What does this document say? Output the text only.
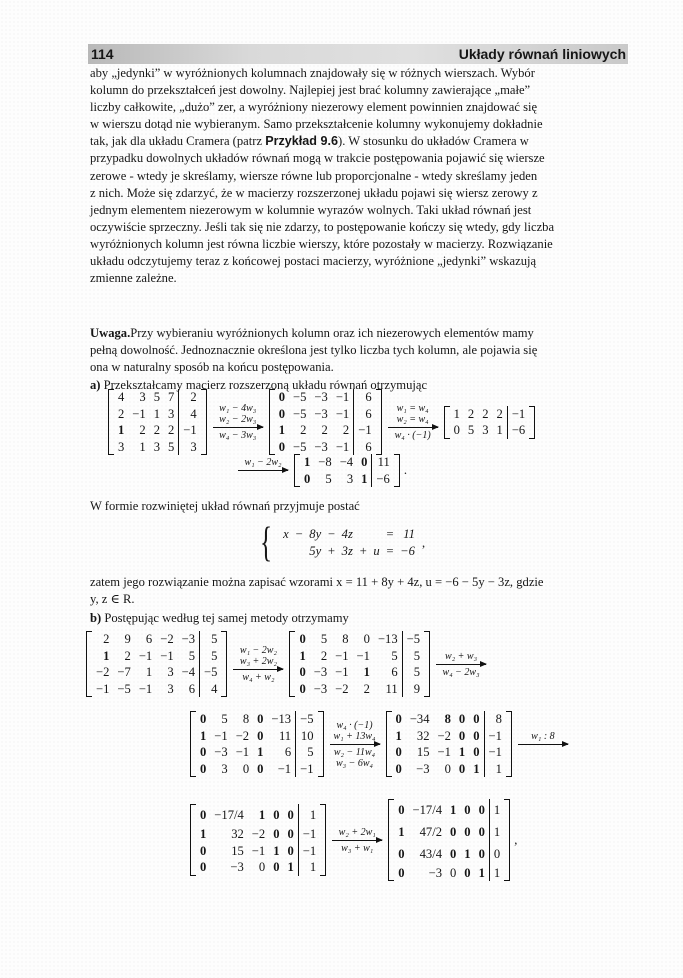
114	Układy równań liniowych
aby „jedynki” w wyróżnionych kolumnach znajdowały się w różnych wierszach. Wybór
kolumn do przekształceń jest dowolny. Najlepiej jest brać kolumny zawierające „małe”
liczby całkowite, „dużo” zer, a wyróżniony niezerowy element powinnien znajdować się
w wierszu dotąd nie wybieranym. Samo przekształcenie kolumny wykonujemy dokładnie
tak, jak dla układu Cramera (patrz Przykład 9.6). W stosunku do układów Cramera w
przypadku dowolnych układów równań mogą w trakcie postępowania pojawić się wiersze
zerowe - wtedy je skreślamy, wiersze równe lub proporcjonalne - wtedy skreślamy jeden
z nich. Może się zdarzyć, że w macierzy rozszerzonej układu pojawi się wiersz zerowy z
jednym elementem niezerowym w kolumnie wyrazów wolnych. Taki układ równań jest
oczywiście sprzeczny. Jeśli tak się nie zdarzy, to postępowanie kończy się wtedy, gdy liczba
wyróżnionych kolumn jest równa liczbie wierszy, które pozostały w macierzy. Rozwiązanie
układu odczytujemy teraz z końcowej postaci macierzy, wyróżnione „jedynki” wskazują
zmienne zależne.
Uwaga. Przy wybieraniu wyróżnionych kolumn oraz ich niezerowych elementów mamy
pełną dowolność. Jednoznacznie określona jest tylko liczba tych kolumn, ale pojawia się
ona w naturalny sposób na końcu postępowania.
a) Przekształcamy macierz rozszerzoną układu równań otrzymując
4	3	5	7	2
2	−1	1	3	4
1	2	2	2	−1
3	1	3	5	3
w₁ − 4w₃
w₂ − 2w₃
w₄ − 3w₃
0	−5	−3	−1	6
0	−5	−3	−1	6
1	2	2	2	−1
0	−5	−3	−1	6
w₁ = w₄
w₂ = w₄
w₄ · (−1)
1	2	2	2	−1
0	5	3	1	−6
w₁ − 2w₂
1	−8	−4	0	11
0	5	3	1	−6
.
W formie rozwiniętej układ równań przyjmuje postać
{ x	−	8y	−	4z			=	11
		5y	+	3z	+	u	=	−6
,
zatem jego rozwiązanie można zapisać wzorami x = 11 + 8y + 4z, u = −6 − 5y − 3z, gdzie
y, z ∈ R.
b) Postępując według tej samej metody otrzymamy
2	9	6	−2	−3	5
1	2	−1	−1	5	5
−2	−7	1	3	−4	−5
−1	−5	−1	3	6	4
w₁ − 2w₂
w₃ + 2w₂
w₄ + w₂
0	5	8	0	−13	−5
1	2	−1	−1	5	5
0	−3	−1	1	6	5
0	−3	−2	2	11	9
w₂ + w₃
w₄ − 2w₃
0	5	8	0	−13	−5
1	−1	−2	0	11	10
0	−3	−1	1	6	5
0	3	0	0	−1	−1
w₄ · (−1)
w₁ + 13w₄
w₂ − 11w₄
w₃ − 6w₄
0	−34	8	0	0	8
1	32	−2	0	0	−1
0	15	−1	1	0	−1
0	−3	0	0	1	1
w₁ : 8

0	−17/4	1	0	0	1
1	32	−2	0	0	−1
0	15	−1	1	0	−1
0	−3	0	0	1	1
w₂ + 2w₁
w₃ + w₁
0	−17/4	1	0	0	1
1	47/2	0	0	0	1
0	43/4	0	1	0	0
0	−3	0	0	1	1
,
